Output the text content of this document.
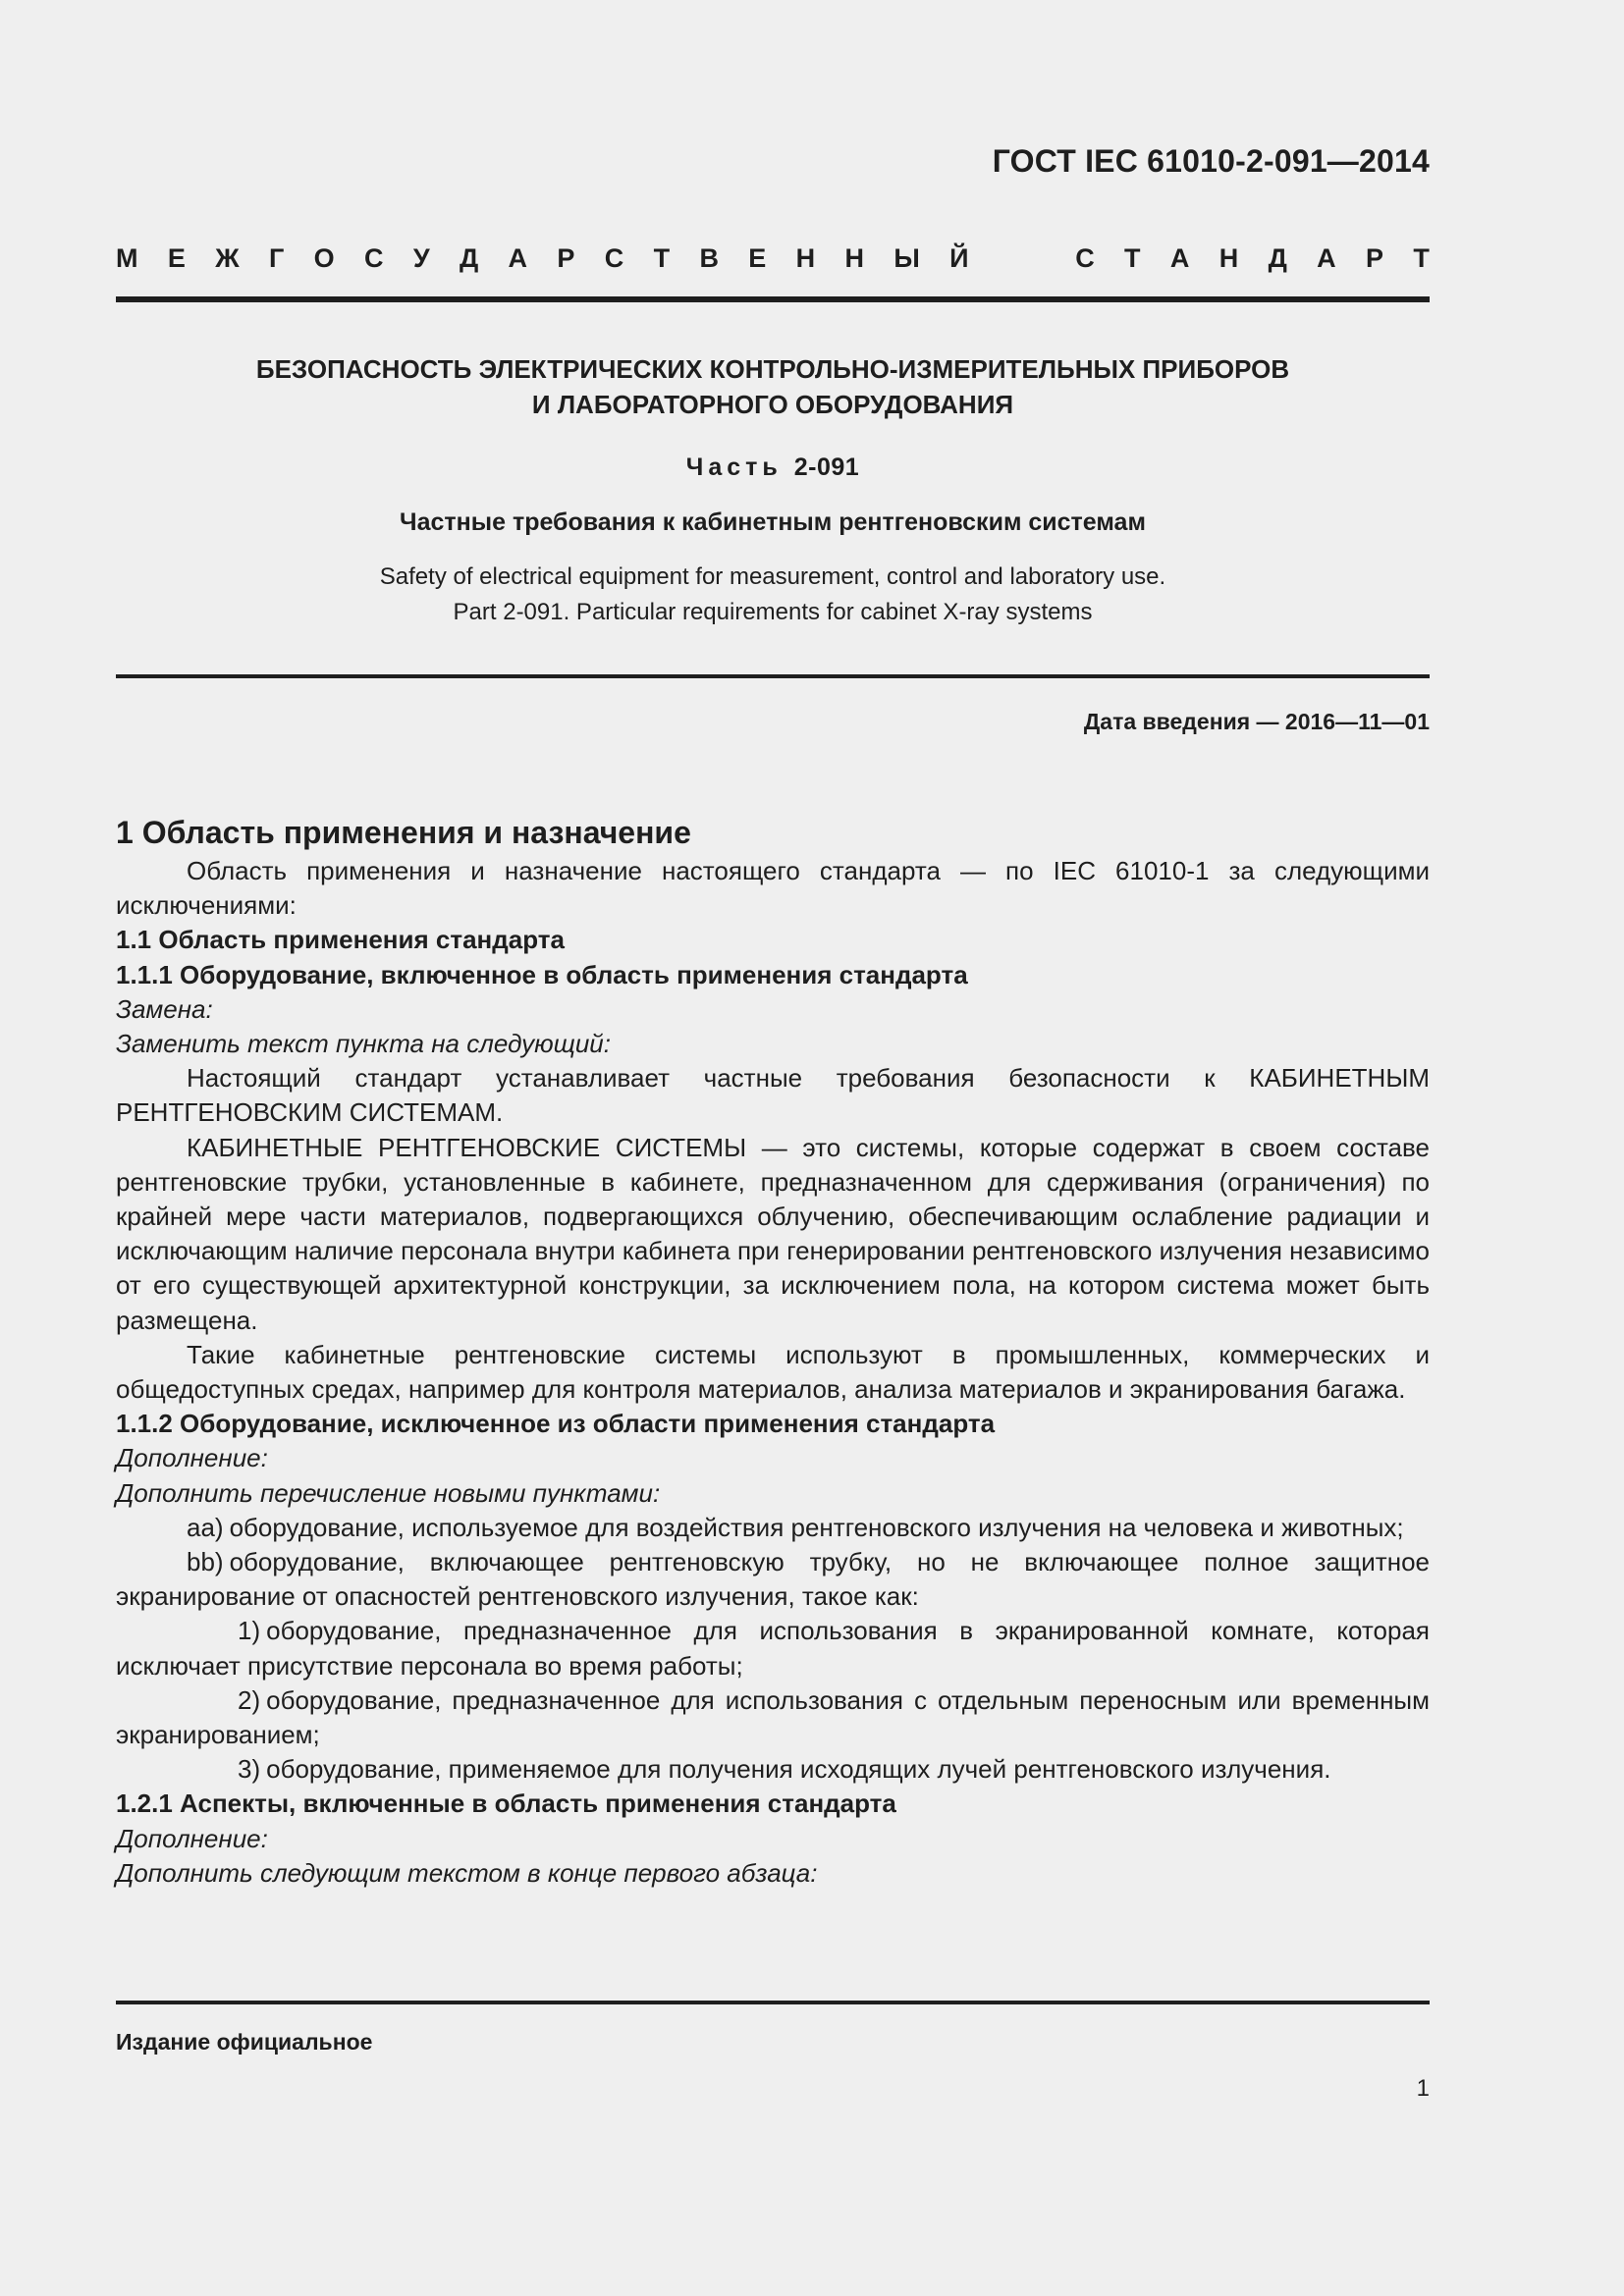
ГОСТ IEC 61010-2-091—2014
М Е Ж Г О С У Д А Р С Т В Е Н Н Ы Й	С Т А Н Д А Р Т
БЕЗОПАСНОСТЬ ЭЛЕКТРИЧЕСКИХ КОНТРОЛЬНО-ИЗМЕРИТЕЛЬНЫХ ПРИБОРОВ
И ЛАБОРАТОРНОГО ОБОРУДОВАНИЯ
Часть 2-091
Частные требования к кабинетным рентгеновским системам
Safety of electrical equipment for measurement, control and laboratory use.
Part 2-091. Particular requirements for cabinet X-ray systems
Дата введения — 2016—11—01

1 Область применения и назначение

Область применения и назначение настоящего стандарта — по IEC 61010-1 за следующими исключениями:

1.1 Область применения стандарта

1.1.1 Оборудование, включенное в область применения стандарта

Замена:

Заменить текст пункта на следующий:

Настоящий стандарт устанавливает частные требования безопасности к КАБИНЕТНЫМ РЕНТГЕНОВСКИМ СИСТЕМАМ.

КАБИНЕТНЫЕ РЕНТГЕНОВСКИЕ СИСТЕМЫ — это системы, которые содержат в своем составе рентгеновские трубки, установленные в кабинете, предназначенном для сдерживания (ограничения) по крайней мере части материалов, подвергающихся облучению, обеспечивающим ослабление радиации и исключающим наличие персонала внутри кабинета при генерировании рентгеновского излучения независимо от его существующей архитектурной конструкции, за исключением пола, на котором система может быть размещена.

Такие кабинетные рентгеновские системы используют в промышленных, коммерческих и общедоступных средах, например для контроля материалов, анализа материалов и экранирования багажа.

1.1.2 Оборудование, исключенное из области применения стандарта

Дополнение:

Дополнить перечисление новыми пунктами:

аа) оборудование, используемое для воздействия рентгеновского излучения на человека и животных;

bb) оборудование, включающее рентгеновскую трубку, но не включающее полное защитное экранирование от опасностей рентгеновского излучения, такое как:

1) оборудование, предназначенное для использования в экранированной комнате, которая исключает присутствие персонала во время работы;

2) оборудование, предназначенное для использования с отдельным переносным или временным экранированием;

3) оборудование, применяемое для получения исходящих лучей рентгеновского излучения.

1.2.1 Аспекты, включенные в область применения стандарта

Дополнение:

Дополнить следующим текстом в конце первого абзаца:

Издание официальное
1
